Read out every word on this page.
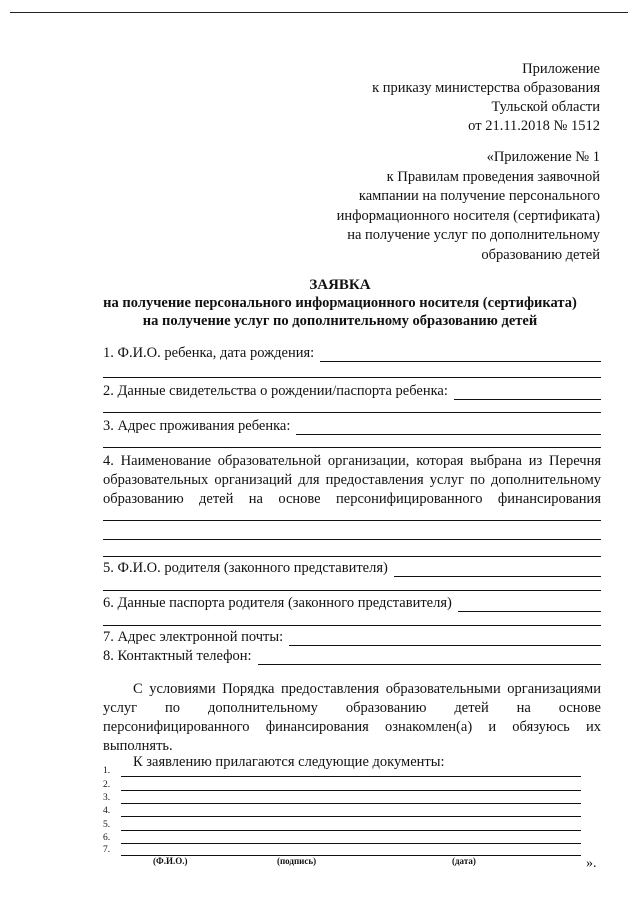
Приложение
к приказу министерства образования
Тульской области
от 21.11.2018 № 1512
«Приложение № 1
к Правилам проведения заявочной
кампании на получение персонального
информационного носителя (сертификата)
на получение услуг по дополнительному
образованию детей
ЗАЯВКА
на получение персонального информационного носителя (сертификата)
на получение услуг по дополнительному образованию детей
1. Ф.И.О. ребенка, дата рождения:
2. Данные свидетельства о рождении/паспорта ребенка:
3. Адрес проживания ребенка:
4. Наименование образовательной организации, которая выбрана из Перечня
образовательных организаций для предоставления услуг по дополнительному
образованию детей на основе персонифицированного финансирования
5. Ф.И.О. родителя (законного представителя)
6. Данные паспорта родителя (законного представителя)
7. Адрес электронной почты:
8. Контактный телефон:
С условиями Порядка предоставления образовательными организациями
услуг по дополнительному образованию детей на основе
персонифицированного финансирования ознакомлен(а) и обязуюсь их
выполнять.
К заявлению прилагаются следующие документы:
1.
2.
3.
4.
5.
6.
7.
(Ф.И.О.)	(подпись)	(дата)	».
